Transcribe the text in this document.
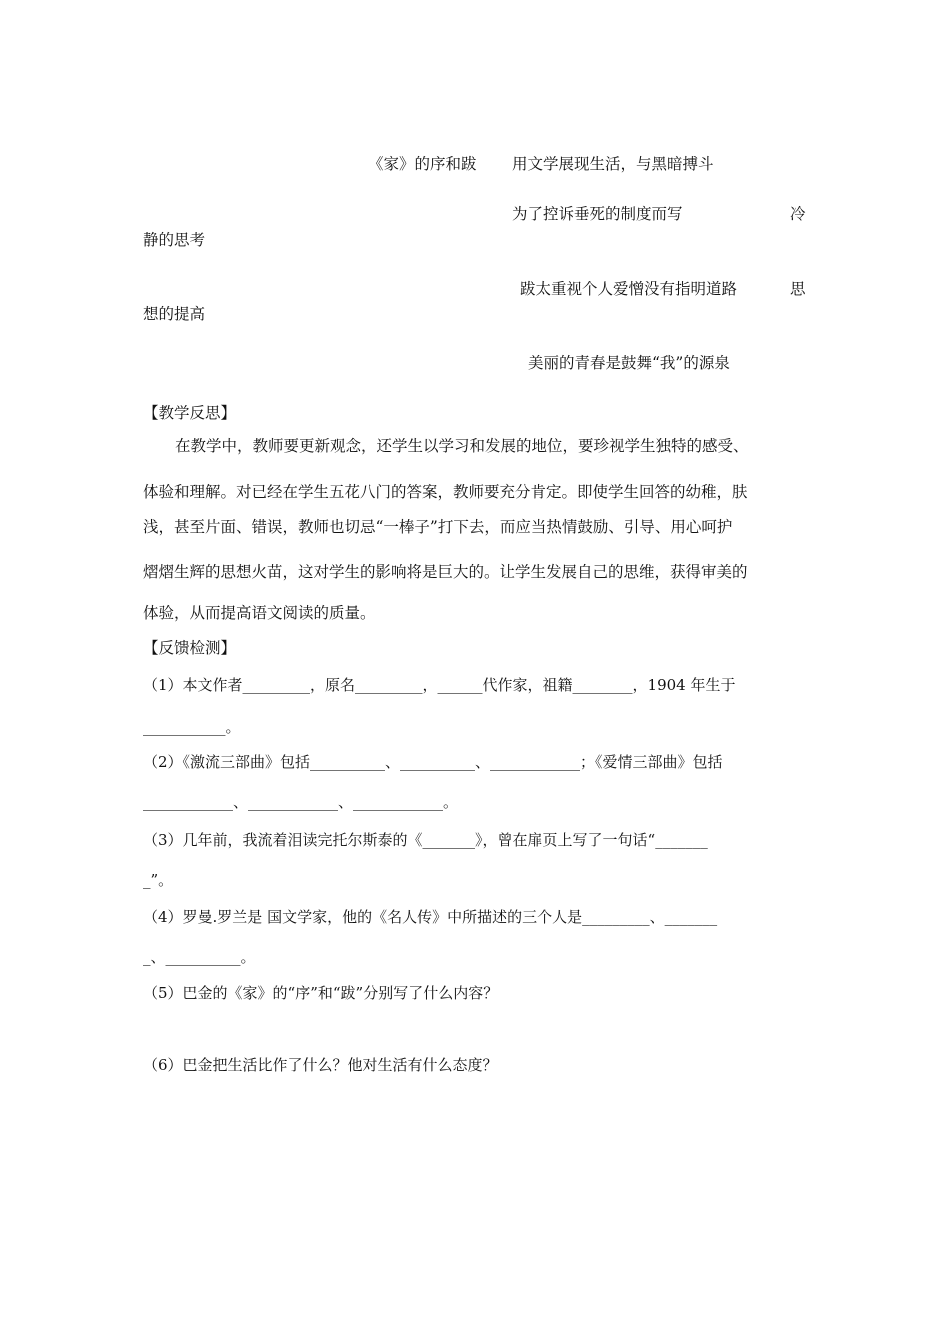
《家》的序和跋 用文学展现生活，与黑暗搏斗
为了控诉垂死的制度而写	冷
静的思考
跋太重视个人爱憎没有指明道路	思
想的提高
美丽的青春是鼓舞“我”的源泉
【教学反思】
在教学中，教师要更新观念，还学生以学习和发展的地位，要珍视学生独特的感受、
体验和理解。对已经在学生五花八门的答案，教师要充分肯定。即使学生回答的幼稚，肤
浅，甚至片面、错误，教师也切忌“一棒子”打下去，而应当热情鼓励、引导、用心呵护
熠熠生辉的思想火苗，这对学生的影响将是巨大的。让学生发展自己的思维，获得审美的
体验，从而提高语文阅读的质量。
【反馈检测】
（1）本文作者_________，原名_________，______代作家，祖籍________，1904 年生于
___________。
（2）《激流三部曲》包括__________、__________、____________；《爱情三部曲》包括
____________、____________、____________。
（3）几年前，我流着泪读完托尔斯泰的《_______》，曾在扉页上写了一句话“_______
_”。
（4）罗曼.罗兰是 国文学家，他的《名人传》中所描述的三个人是_________、_______
_、__________。
（5）巴金的《家》的“序”和“跋”分别写了什么内容？
（6）巴金把生活比作了什么？他对生活有什么态度？
